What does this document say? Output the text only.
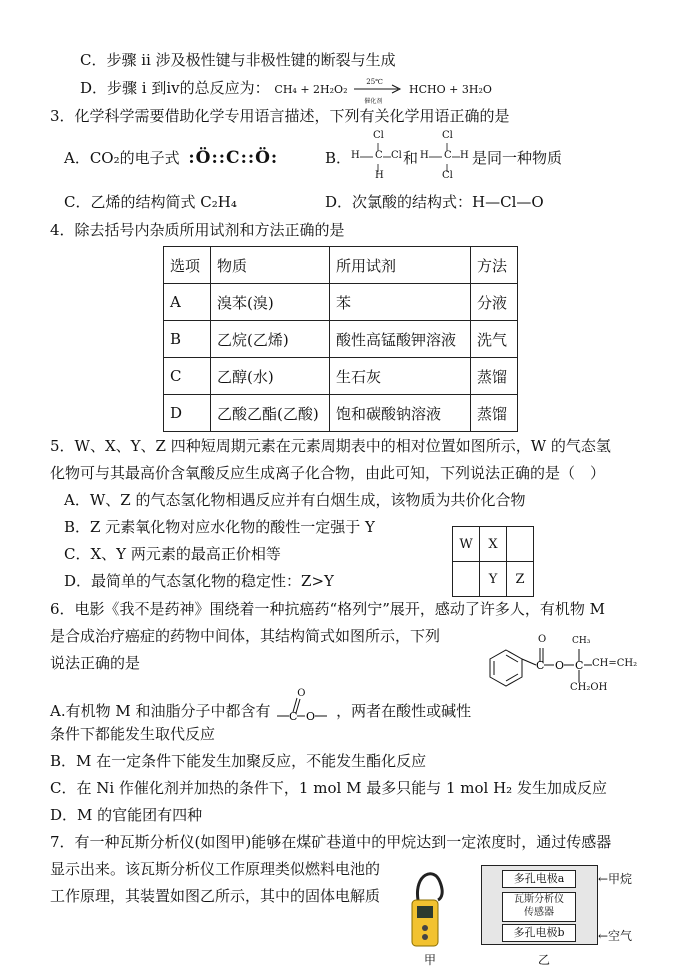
C．步骤 ⅱ 涉及极性键与非极性键的断裂与生成
D．步骤 ⅰ 到ⅳ的总反应为： CH₄ + 2H₂O₂
25℃
催化剂
HCHO + 3H₂O
3．化学科学需要借助化学专用语言描述，下列有关化学用语正确的是
A．CO₂的电子式 :Ö::C::Ö:	B．
Cl
H C Cl
H
和
Cl
H C H
Cl
是同一种物质
C．乙烯的结构简式 C₂H₄	D．次氯酸的结构式：H—Cl—O
4．除去括号内杂质所用试剂和方法正确的是
选项	物质	所用试剂	方法
A	溴苯(溴)	苯	分液
B	乙烷(乙烯)	酸性高锰酸钾溶液	洗气
C	乙醇(水)	生石灰	蒸馏
D	乙酸乙酯(乙酸)	饱和碳酸钠溶液	蒸馏
5．W、X、Y、Z 四种短周期元素在元素周期表中的相对位置如图所示，W 的气态氢
化物可与其最高价含氧酸反应生成离子化合物，由此可知，下列说法正确的是（　）
A．W、Z 的气态氢化物相遇反应并有白烟生成，该物质为共价化合物
B．Z 元素氧化物对应水化物的酸性一定强于 Y
C．X、Y 两元素的最高正价相等
D．最简单的气态氢化物的稳定性：Z>Y
W	X	
	Y	Z
6．电影《我不是药神》围绕着一种抗癌药“格列宁”展开，感动了许多人，有机物 M
是合成治疗癌症的药物中间体，其结构简式如图所示，下列
说法正确的是	C O C
O	CH₃
CH=CH₂
CH₂OH
A.有机物 M 和油脂分子中都含有 C O
O
，两者在酸性或碱性
条件下都能发生取代反应
B．M 在一定条件下能发生加聚反应，不能发生酯化反应
C．在 Ni 作催化剂并加热的条件下，1 mol M 最多只能与 1 mol H₂ 发生加成反应
D．M 的官能团有四种
7．有一种瓦斯分析仪(如图甲)能够在煤矿巷道中的甲烷达到一定浓度时，通过传感器
显示出来。该瓦斯分析仪工作原理类似燃料电池的
工作原理，其装置如图乙所示，其中的固体电解质
甲
多孔电极a
瓦斯分析仪
传感器
多孔电极b
←甲烷
←空气
乙
